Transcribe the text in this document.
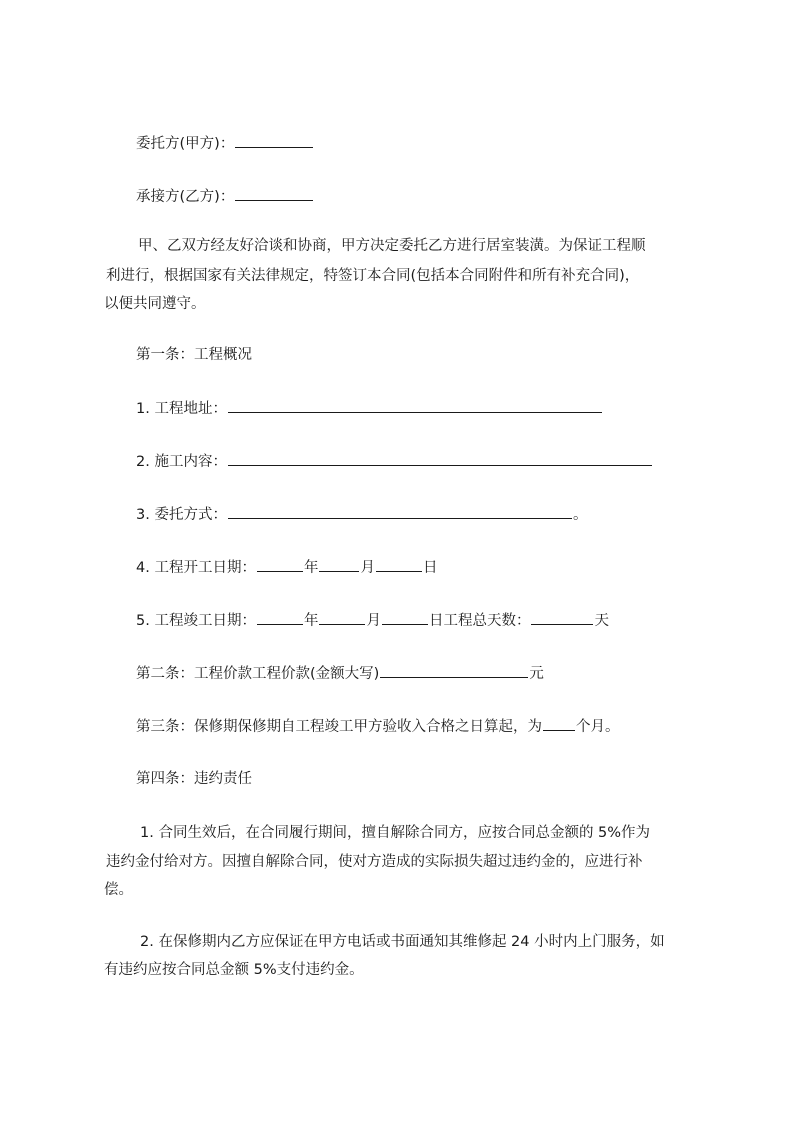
委托方(甲方)：
承接方(乙方)：
甲、乙双方经友好洽谈和协商，甲方决定委托乙方进行居室装潢。为保证工程顺
利进行，根据国家有关法律规定，特签订本合同(包括本合同附件和所有补充合同)，
以便共同遵守。
第一条：工程概况
1. 工程地址：
2. 施工内容：
3. 委托方式：	。
4. 工程开工日期：	年	月	日
5. 工程竣工日期：	年	月	日工程总天数：	天
第二条：工程价款工程价款(金额大写)	元
第三条：保修期保修期自工程竣工甲方验收入合格之日算起，为 个月。
第四条：违约责任
1. 合同生效后，在合同履行期间，擅自解除合同方，应按合同总金额的 5%作为
违约金付给对方。因擅自解除合同，使对方造成的实际损失超过违约金的，应进行补
偿。
2. 在保修期内乙方应保证在甲方电话或书面通知其维修起 24 小时内上门服务，如
有违约应按合同总金额 5%支付违约金。
